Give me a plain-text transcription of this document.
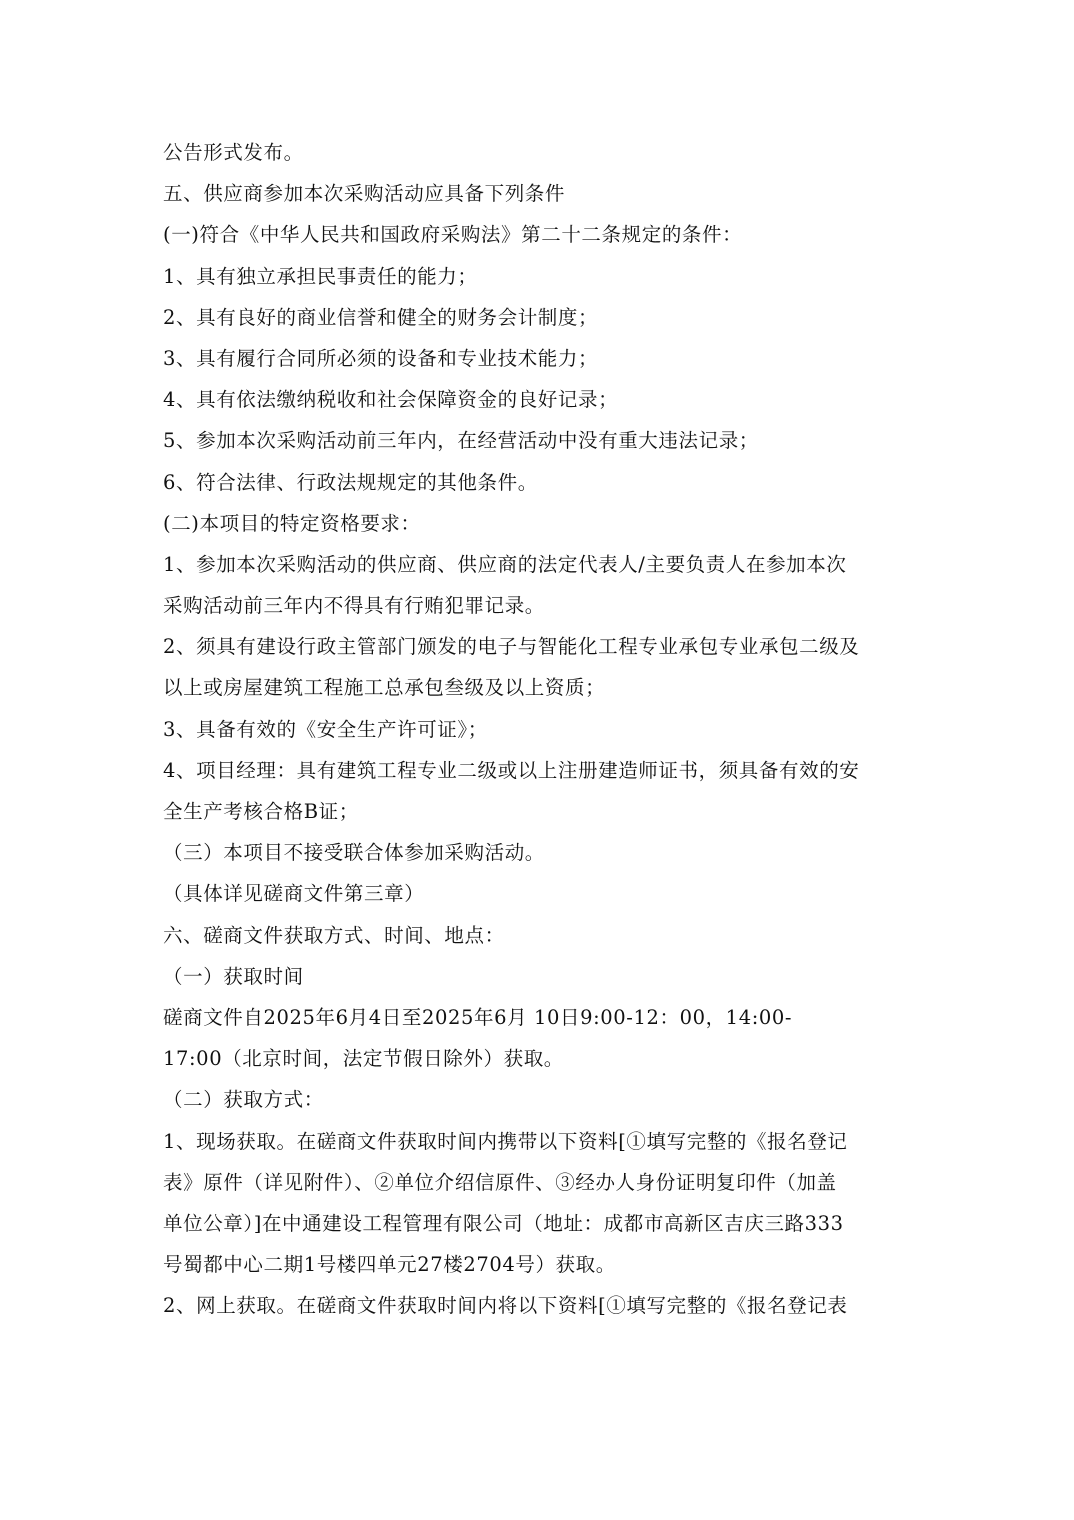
公告形式发布。
五、供应商参加本次采购活动应具备下列条件
(一)符合《中华人民共和国政府采购法》第二十二条规定的条件：
1、具有独立承担民事责任的能力；
2、具有良好的商业信誉和健全的财务会计制度；
3、具有履行合同所必须的设备和专业技术能力；
4、具有依法缴纳税收和社会保障资金的良好记录；
5、参加本次采购活动前三年内，在经营活动中没有重大违法记录；
6、符合法律、行政法规规定的其他条件。
(二)本项目的特定资格要求：
1、参加本次采购活动的供应商、供应商的法定代表人/主要负责人在参加本次
采购活动前三年内不得具有行贿犯罪记录。
2、须具有建设行政主管部门颁发的电子与智能化工程专业承包专业承包二级及
以上或房屋建筑工程施工总承包叁级及以上资质；
3、具备有效的《安全生产许可证》；
4、项目经理：具有建筑工程专业二级或以上注册建造师证书，须具备有效的安
全生产考核合格B证；
（三）本项目不接受联合体参加采购活动。
（具体详见磋商文件第三章）
六、磋商文件获取方式、时间、地点：
（一）获取时间
磋商文件自2025年6月4日至2025年6月 10日9:00-12：00，14:00-
17:00（北京时间，法定节假日除外）获取。
（二）获取方式：
1、现场获取。在磋商文件获取时间内携带以下资料[①填写完整的《报名登记
表》原件（详见附件）、②单位介绍信原件、③经办人身份证明复印件（加盖
单位公章）]在中通建设工程管理有限公司（地址：成都市高新区吉庆三路333
号蜀都中心二期1号楼四单元27楼2704号）获取。
2、网上获取。在磋商文件获取时间内将以下资料[①填写完整的《报名登记表
